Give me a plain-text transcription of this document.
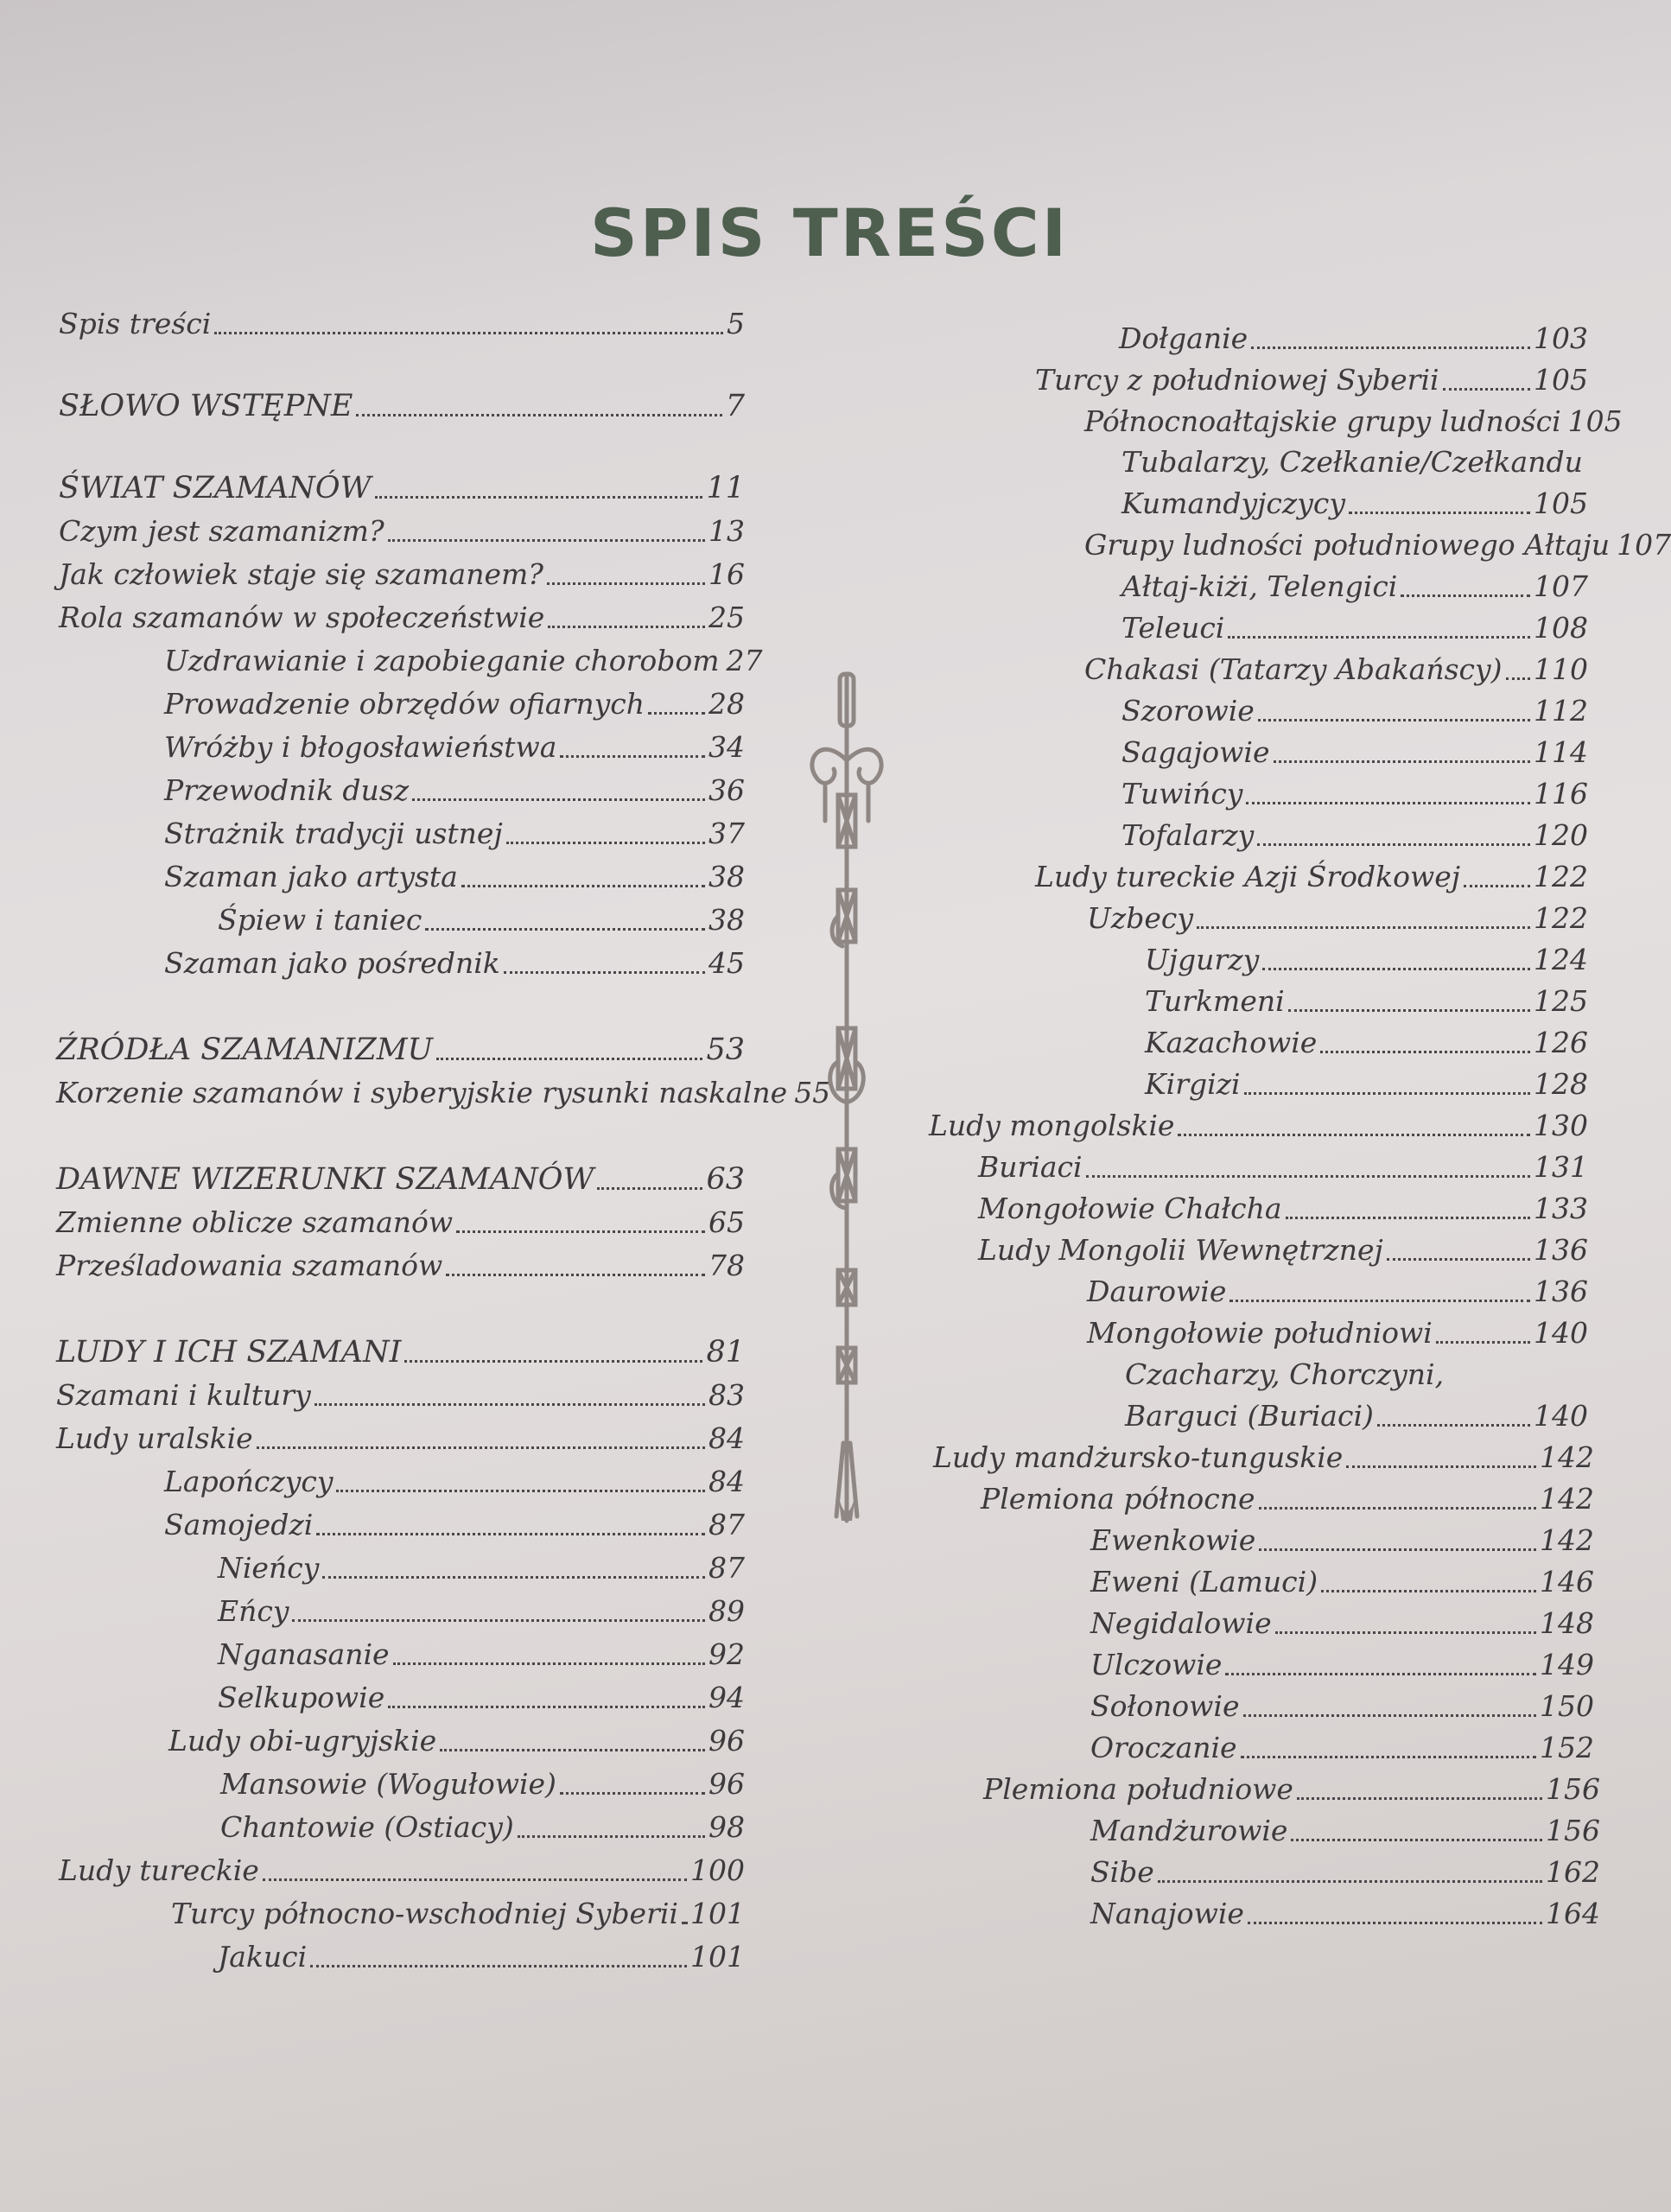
SPIS TREŚCI
Spis treści	5
SŁOWO WSTĘPNE	7
ŚWIAT SZAMANÓW	11
Czym jest szamanizm?	13
Jak człowiek staje się szamanem?	16
Rola szamanów w społeczeństwie	25
Uzdrawianie i zapobieganie chorobom 27
Prowadzenie obrzędów ofiarnych 28
Wróżby i błogosławieństwa	34
Przewodnik dusz	36
Strażnik tradycji ustnej	37
Szaman jako artysta	38
Śpiew i taniec	38
Szaman jako pośrednik	45
ŹRÓDŁA SZAMANIZMU	53
Korzenie szamanów i syberyjskie rysunki naskalne 55
DAWNE WIZERUNKI SZAMANÓW	63
Zmienne oblicze szamanów	65
Prześladowania szamanów	78
LUDY I ICH SZAMANI	81
Szamani i kultury	83
Ludy uralskie	84
Lapończycy	84
Samojedzi	87
Nieńcy	87
Eńcy	89
Nganasanie	92
Selkupowie	94
Ludy obi-ugryjskie	96
Mansowie (Wogułowie)	96
Chantowie (Ostiacy)	98
Ludy tureckie	100
Turcy północno-wschodniej Syberii 101
Jakuci	101
Dołganie	103
Turcy z południowej Syberii	105
Północnoałtajskie grupy ludności 105
Tubalarzy, Czełkanie/Czełkandu
Kumandyjczycy	105
Grupy ludności południowego Ałtaju 107
Ałtaj-kiżi, Telengici	107
Teleuci	108
Chakasi (Tatarzy Abakańscy) 110
Szorowie	112
Sagajowie	114
Tuwińcy	116
Tofalarzy	120
Ludy tureckie Azji Środkowej	122
Uzbecy	122
Ujgurzy	124
Turkmeni	125
Kazachowie	126
Kirgizi	128
Ludy mongolskie	130
Buriaci	131
Mongołowie Chałcha	133
Ludy Mongolii Wewnętrznej	136
Daurowie	136
Mongołowie południowi	140
Czacharzy, Chorczyni,
Barguci (Buriaci)	140
Ludy mandżursko-tunguskie	142
Plemiona północne	142
Ewenkowie	142
Eweni (Lamuci)	146
Negidalowie	148
Ulczowie	149
Sołonowie	150
Oroczanie	152
Plemiona południowe	156
Mandżurowie	156
Sibe	162
Nanajowie	164
